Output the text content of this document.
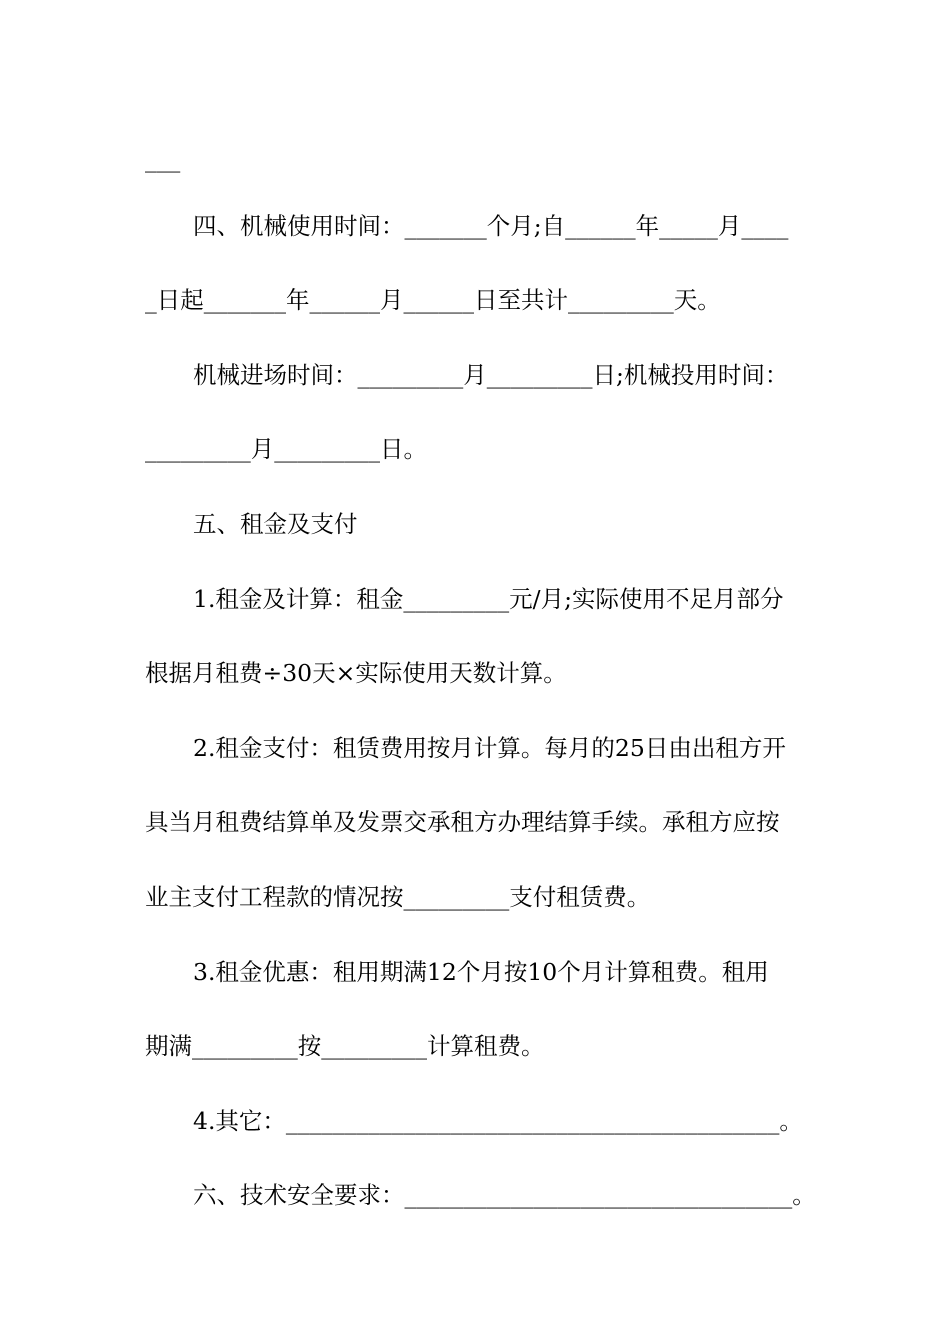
___
四、机械使用时间：_______个月;自______年_____月____
_日起_______年______月______日至共计_________天。
机械进场时间：_________月_________日;机械投用时间：
_________月_________日。
五、租金及支付
1.租金及计算：租金_________元/月;实际使用不足月部分
根据月租费÷30天×实际使用天数计算。
2.租金支付：租赁费用按月计算。每月的25日由出租方开
具当月租费结算单及发票交承租方办理结算手续。承租方应按
业主支付工程款的情况按_________支付租赁费。
3.租金优惠：租用期满12个月按10个月计算租费。租用
期满_________按_________计算租费。
4.其它：__________________________________________。
六、技术安全要求：_________________________________。
